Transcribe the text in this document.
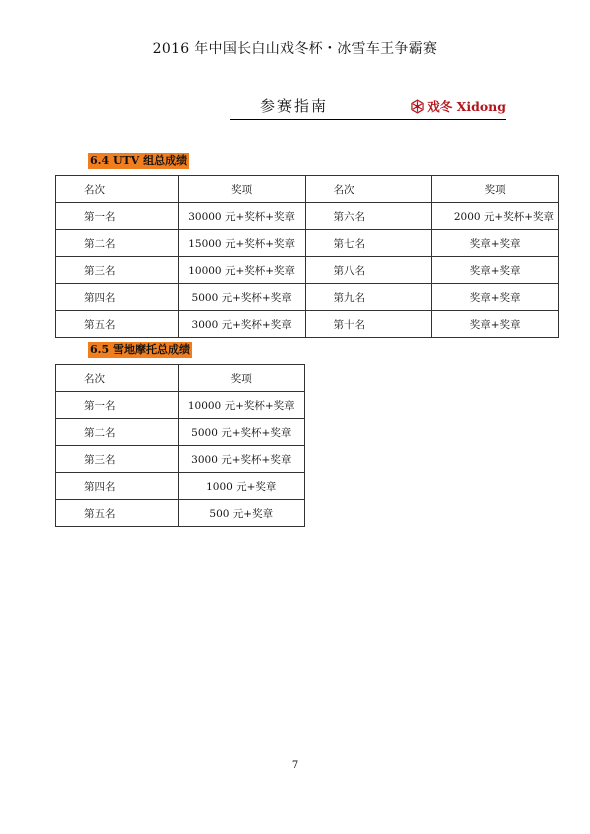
2016 年中国长白山戏冬杯・冰雪车王争霸赛
参赛指南	戏冬 Xidong
6.4 UTV 组总成绩
名次	奖项	名次	奖项
第一名	30000 元+奖杯+奖章	第六名	2000 元+奖杯+奖章
第二名	15000 元+奖杯+奖章	第七名	奖章+奖章
第三名	10000 元+奖杯+奖章	第八名	奖章+奖章
第四名	5000 元+奖杯+奖章	第九名	奖章+奖章
第五名	3000 元+奖杯+奖章	第十名	奖章+奖章
6.5 雪地摩托总成绩
名次	奖项
第一名	10000 元+奖杯+奖章
第二名	5000 元+奖杯+奖章
第三名	3000 元+奖杯+奖章
第四名	1000 元+奖章
第五名	500 元+奖章
7
